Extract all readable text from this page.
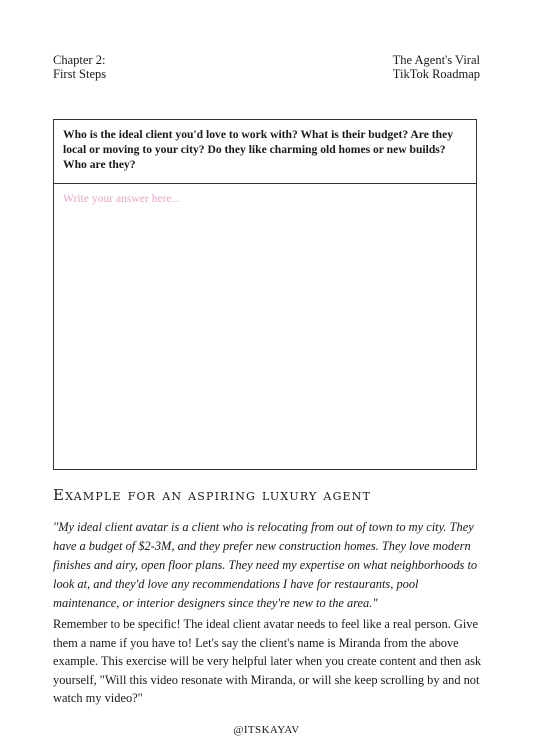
Chapter 2:
First Steps
The Agent's Viral
TikTok Roadmap
Who is the ideal client you'd love to work with? What is their budget? Are they local or moving to your city? Do they like charming old homes or new builds? Who are they?
Write your answer here...
Example for an aspiring luxury agent
"My ideal client avatar is a client who is relocating from out of town to my city. They have a budget of $2-3M, and they prefer new construction homes. They love modern finishes and airy, open floor plans. They need my expertise on what neighborhoods to look at, and they'd love any recommendations I have for restaurants, pool maintenance, or interior designers since they're new to the area."
Remember to be specific! The ideal client avatar needs to feel like a real person. Give them a name if you have to! Let's say the client's name is Miranda from the above example. This exercise will be very helpful later when you create content and then ask yourself, "Will this video resonate with Miranda, or will she keep scrolling by and not watch my video?"
@ITSKAYAV
